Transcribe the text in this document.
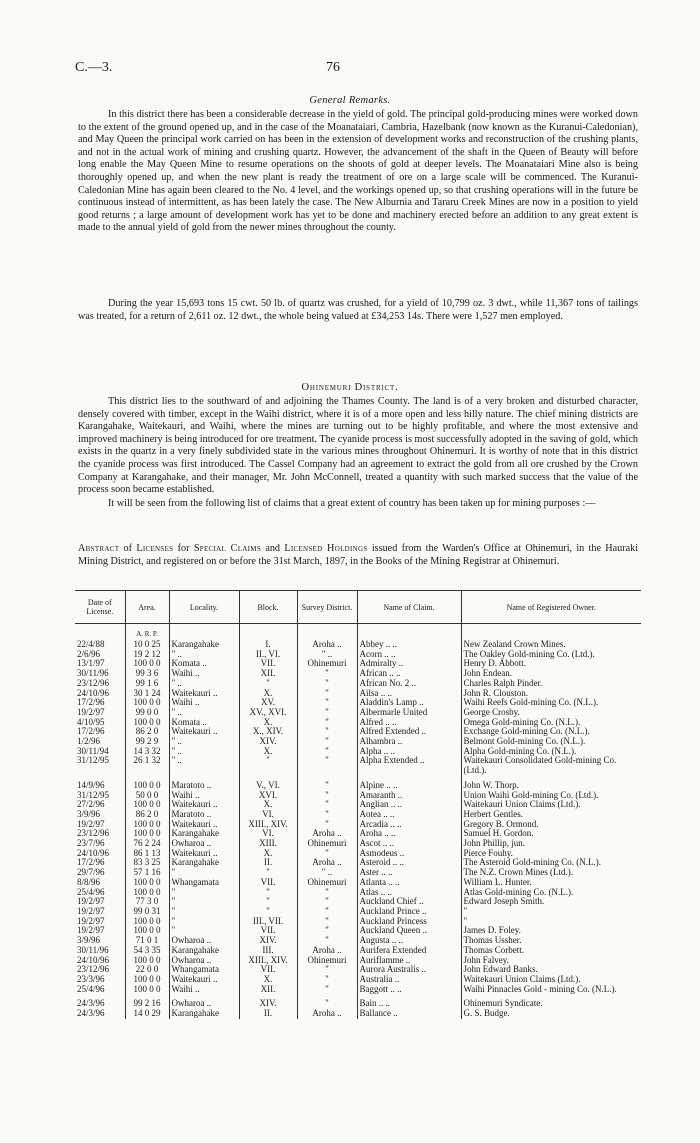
C.—3.	76
General Remarks.

In this district there has been a considerable decrease in the yield of gold. The principal gold-producing mines were worked down to the extent of the ground opened up, and in the case of the Moanataiari, Cambria, Hazelbank (now known as the Kuranui-Caledonian), and May Queen the principal work carried on has been in the extension of development works and reconstruction of the crushing plants, and not in the actual work of mining and crushing quartz. However, the advancement of the shaft in the Queen of Beauty will before long enable the May Queen Mine to resume operations on the shoots of gold at deeper levels. The Moanataiari Mine also is being thoroughly opened up, and when the new plant is ready the treatment of ore on a large scale will be commenced. The Kuranui-Caledonian Mine has again been cleared to the No. 4 level, and the workings opened up, so that crushing operations will in the future be continuous instead of intermittent, as has been lately the case. The New Alburnia and Tararu Creek Mines are now in a position to yield good returns ; a large amount of development work has yet to be done and machinery erected before an addition to any great extent is made to the annual yield of gold from the newer mines throughout the county.

During the year 15,693 tons 15 cwt. 50 lb. of quartz was crushed, for a yield of 10,799 oz. 3 dwt., while 11,367 tons of tailings was treated, for a return of 2,611 oz. 12 dwt., the whole being valued at £34,253 14s. There were 1,527 men employed.

Ohinemuri District.

This district lies to the southward of and adjoining the Thames County. The land is of a very broken and disturbed character, densely covered with timber, except in the Waihi district, where it is of a more open and less hilly nature. The chief mining districts are Karangahake, Waitekauri, and Waihi, where the mines are turning out to be highly profitable, and where the most extensive and improved machinery is being introduced for ore treatment. The cyanide process is most successfully adopted in the saving of gold, which exists in the quartz in a very finely subdivided state in the various mines throughout Ohinemuri. It is worthy of note that in this district the cyanide process was first introduced. The Cassel Company had an agreement to extract the gold from all ore crushed by the Crown Company at Karangahake, and their manager, Mr. John McConnell, treated a quantity with such marked success that the value of the process soon became established.

It will be seen from the following list of claims that a great extent of country has been taken up for mining purposes :—

Abstract of Licenses for Special Claims and Licensed Holdings issued from the Warden's Office at Ohinemuri, in the Hauraki Mining District, and registered on or before the 31st March, 1897, in the Books of the Mining Registrar at Ohinemuri.

Date of License.	Area.	Locality.	Block.	Survey District.	Name of Claim.	Name of Registered Owner.
	A. R. P.					
22/4/88	10 0 25	Karangahake	I.	Aroha ..	Abbey .. ..	New Zealand Crown Mines.
2/6/96	19 2 12	" ..	II., VI.	" ..	Acorn .. ..	The Oakley Gold-mining Co. (Ltd.).
13/1/97	100 0 0	Komata ..	VII.	Ohinemuri	Admiralty ..	Henry D. Abbott.
30/11/96	99 3 6	Waihi ..	XII.	"	African .. ..	John Endean.
23/12/96	99 1 6	" ..	"	"	African No. 2 ..	Charles Ralph Pinder.
24/10/96	30 1 24	Waitekauri ..	X.	"	Ailsa .. ..	John R. Clouston.
17/2/96	100 0 0	Waihi ..	XV.	"	Aladdin's Lamp ..	Waihi Reefs Gold-mining Co. (N.L.).
19/2/97	99 0 0	" ..	XV., XVI.	"	Albermarle United	George Crosby.
4/10/95	100 0 0	Komata ..	X.	"	Alfred .. ..	Omega Gold-mining Co. (N.L.).
17/2/96	86 2 0	Waitekauri ..	X., XIV.	"	Alfred Extended ..	Exchange Gold-mining Co. (N.L.).
1/2/96	99 2 9	" ..	XIV.	"	Alhambra ..	Belmont Gold-mining Co. (N.L.).
30/11/94	14 3 32	" ..	X.	"	Alpha .. ..	Alpha Gold-mining Co. (N.L.).
31/12/95	26 1 32	" ..	"	"	Alpha Extended ..	Waitekauri Consolidated Gold-mining Co. (Ltd.).

14/9/96	100 0 0	Maratoto ..	V., VI.	"	Alpine .. ..	John W. Thorp.
31/12/95	50 0 0	Waihi ..	XVI.	"	Amaranth ..	Union Waihi Gold-mining Co. (Ltd.).
27/2/96	100 0 0	Waitekauri ..	X.	"	Anglian .. ..	Waitekauri Union Claims (Ltd.).
3/9/96	86 2 0	Maratoto ..	VI.	"	Aotea .. ..	Herbert Gentles.
19/2/97	100 0 0	Waitekauri ..	XIII., XIV.	"	Arcadia .. ..	Gregory B. Ormond.
23/12/96	100 0 0	Karangahake	VI.	Aroha ..	Aroha .. ..	Samuel H. Gordon.
23/7/96	76 2 24	Owharoa ..	XIII.	Ohinemuri	Ascot .. ..	John Phillip, jun.
24/10/96	86 1 13	Waitekauri ..	X.	"	Asmodeus ..	Pierce Fouhy.
17/2/96	83 3 25	Karangahake	II.	Aroha ..	Asteroid .. ..	The Asteroid Gold-mining Co. (N.L.).
29/7/96	57 1 16	"	"	" ..	Aster .. ..	The N.Z. Crown Mines (Ltd.).
8/8/96	100 0 0	Whangamata	VII.	Ohinemuri	Atlanta .. ..	William L. Hunter.
25/4/96	100 0 0	"	"	"	Atlas .. ..	Atlas Gold-mining Co. (N.L.).
19/2/97	77 3 0	"	"	"	Auckland Chief ..	Edward Joseph Smith.
19/2/97	99 0 31	"	"	"	Auckland Prince ..	"
19/2/97	100 0 0	"	III., VII.	"	Auckland Princess	"
19/2/97	100 0 0	"	VII.	"	Auckland Queen ..	James D. Foley.
3/9/96	71 0 1	Owharoa ..	XIV.	"	Augusta .. ..	Thomas Ussher.
30/11/96	54 3 35	Karangahake	III.	Aroha ..	Aurifera Extended	Thomas Corbett.
24/10/96	100 0 0	Owharoa ..	XIII., XIV.	Ohinemuri	Auriflamme ..	John Falvey.
23/12/96	22 0 0	Whangamata	VII.	"	Aurora Australis ..	John Edward Banks.
23/3/96	100 0 0	Waitekauri ..	X.	"	Australia ..	Waitekauri Union Claims (Ltd.).
25/4/96	100 0 0	Waihi ..	XII.	"	Baggott .. ..	Waihi Pinnacles Gold - mining Co. (N.L.).

24/3/96	99 2 16	Owharoa ..	XIV.	"	Bain .. ..	Ohinemuri Syndicate.
24/3/96	14 0 29	Karangahake	II.	Aroha ..	Ballance ..	G. S. Budge.
